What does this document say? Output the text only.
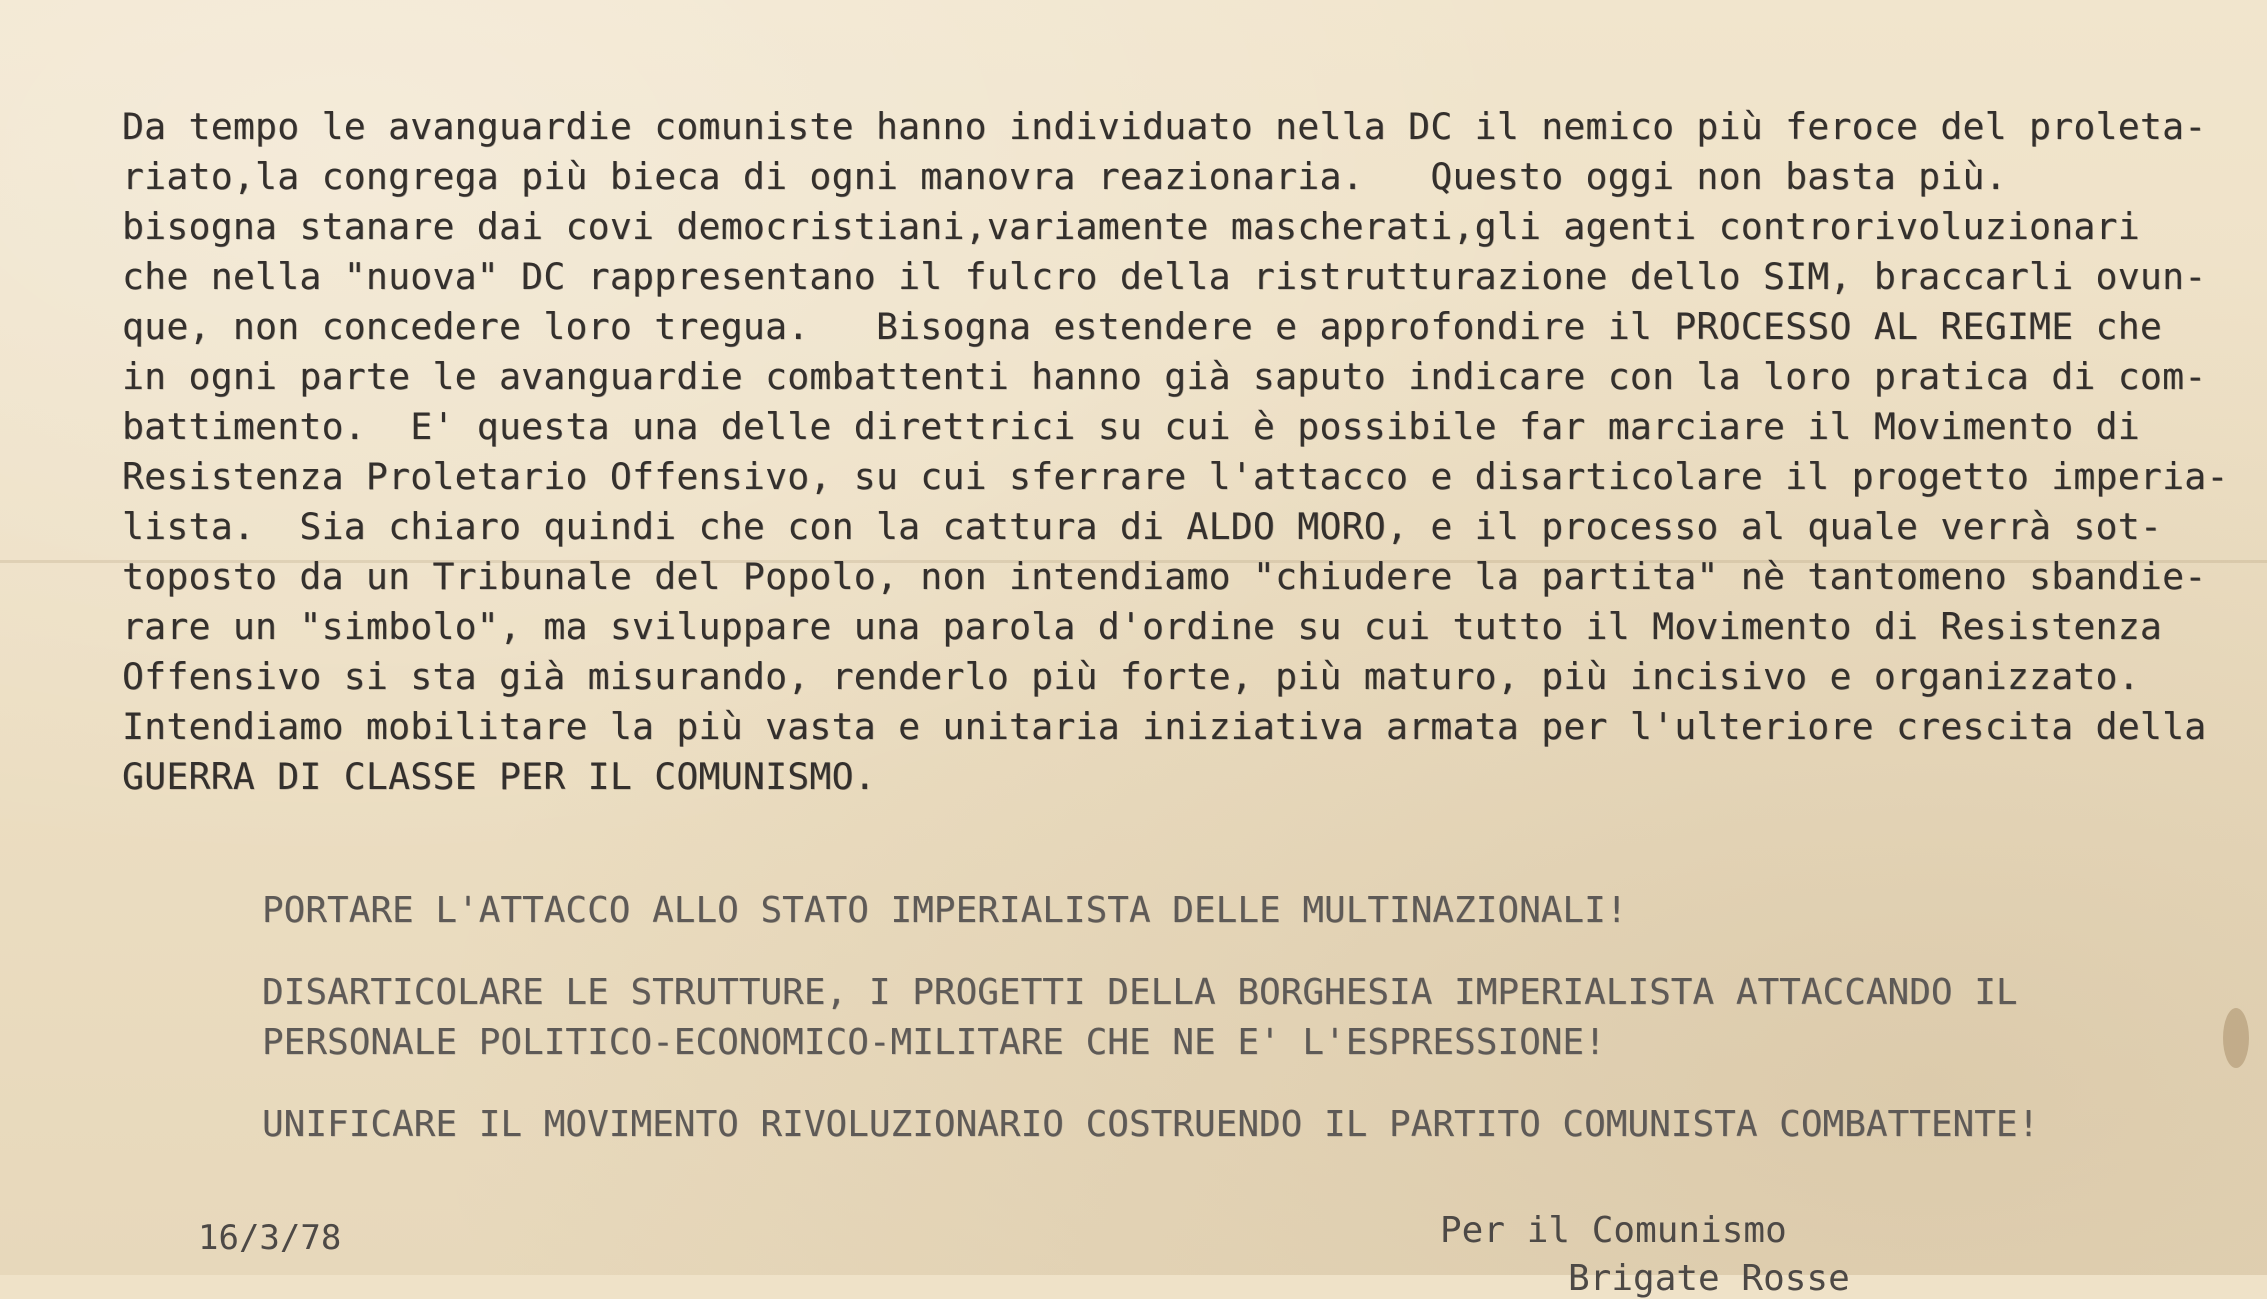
Da tempo le avanguardie comuniste hanno individuato nella DC il nemico più feroce del proleta-
riato,la congrega più bieca di ogni manovra reazionaria.   Questo oggi non basta più.
bisogna stanare dai covi democristiani,variamente mascherati,gli agenti controrivoluzionari
che nella "nuova" DC rappresentano il fulcro della ristrutturazione dello SIM, braccarli ovun-
que, non concedere loro tregua.   Bisogna estendere e approfondire il PROCESSO AL REGIME che
in ogni parte le avanguardie combattenti hanno già saputo indicare con la loro pratica di com-
battimento.  E' questa una delle direttrici su cui è possibile far marciare il Movimento di
Resistenza Proletario Offensivo, su cui sferrare l'attacco e disarticolare il progetto imperia-
lista.  Sia chiaro quindi che con la cattura di ALDO MORO, e il processo al quale verrà sot-
toposto da un Tribunale del Popolo, non intendiamo "chiudere la partita" nè tantomeno sbandie-
rare un "simbolo", ma sviluppare una parola d'ordine su cui tutto il Movimento di Resistenza
Offensivo si sta già misurando, renderlo più forte, più maturo, più incisivo e organizzato.
Intendiamo mobilitare la più vasta e unitaria iniziativa armata per l'ulteriore crescita della
GUERRA DI CLASSE PER IL COMUNISMO.
PORTARE L'ATTACCO ALLO STATO IMPERIALISTA DELLE MULTINAZIONALI!
DISARTICOLARE LE STRUTTURE, I PROGETTI DELLA BORGHESIA IMPERIALISTA ATTACCANDO IL
PERSONALE POLITICO-ECONOMICO-MILITARE CHE NE E' L'ESPRESSIONE!
UNIFICARE IL MOVIMENTO RIVOLUZIONARIO COSTRUENDO IL PARTITO COMUNISTA COMBATTENTE!
16/3/78	Per il Comunismo
Brigate Rosse
